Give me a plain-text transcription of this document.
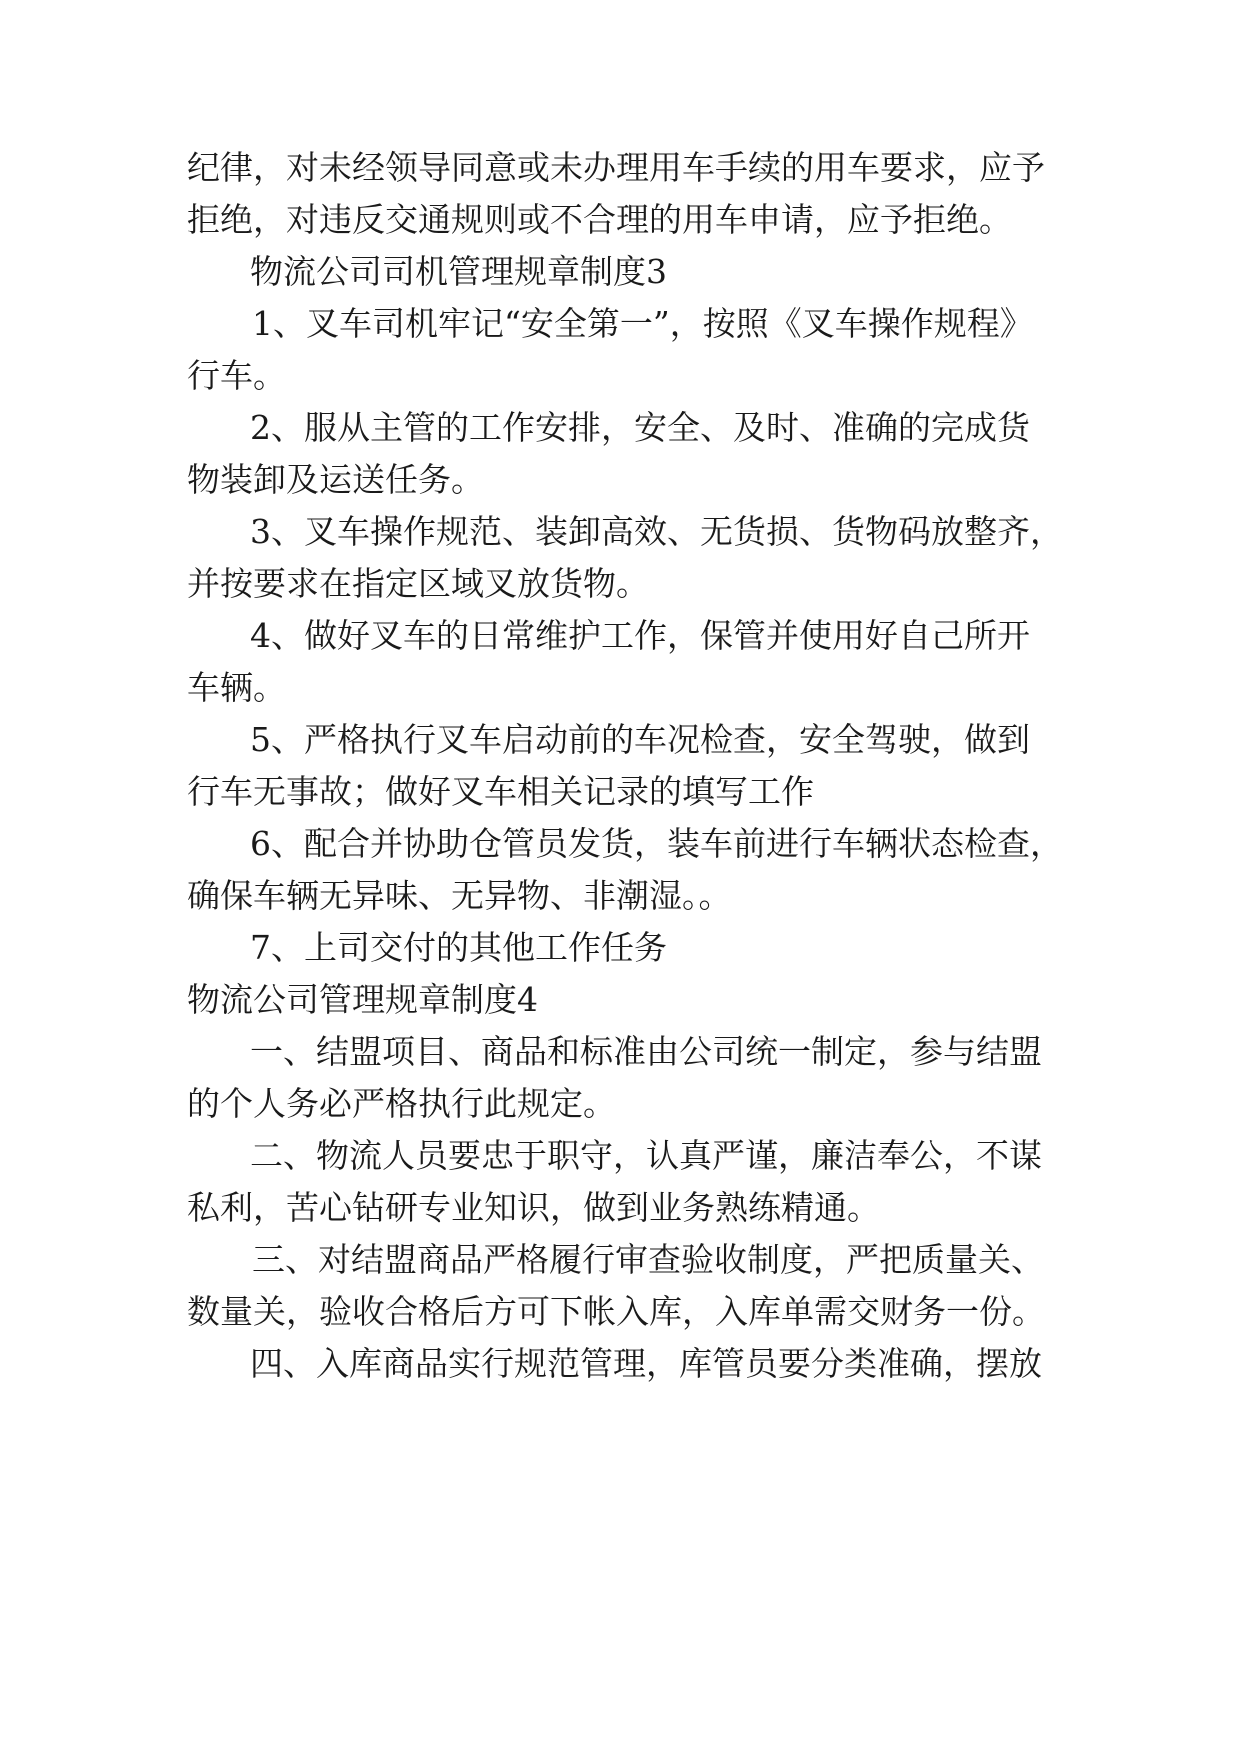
纪律，对未经领导同意或未办理用车手续的用车要求，应予
拒绝，对违反交通规则或不合理的用车申请，应予拒绝。
物流公司司机管理规章制度3
1、叉车司机牢记“安全第一”，按照《叉车操作规程》
行车。
2、服从主管的工作安排，安全、及时、准确的完成货
物装卸及运送任务。
3、叉车操作规范、装卸高效、无货损、货物码放整齐，
并按要求在指定区域叉放货物。
4、做好叉车的日常维护工作，保管并使用好自己所开
车辆。
5、严格执行叉车启动前的车况检查，安全驾驶，做到
行车无事故；做好叉车相关记录的填写工作
6、配合并协助仓管员发货，装车前进行车辆状态检查，
确保车辆无异味、无异物、非潮湿。。
7、上司交付的其他工作任务
物流公司管理规章制度4
一、结盟项目、商品和标准由公司统一制定，参与结盟
的个人务必严格执行此规定。
二、物流人员要忠于职守，认真严谨，廉洁奉公，不谋
私利，苦心钻研专业知识，做到业务熟练精通。
三、对结盟商品严格履行审查验收制度，严把质量关、
数量关，验收合格后方可下帐入库，入库单需交财务一份。
四、入库商品实行规范管理，库管员要分类准确，摆放
